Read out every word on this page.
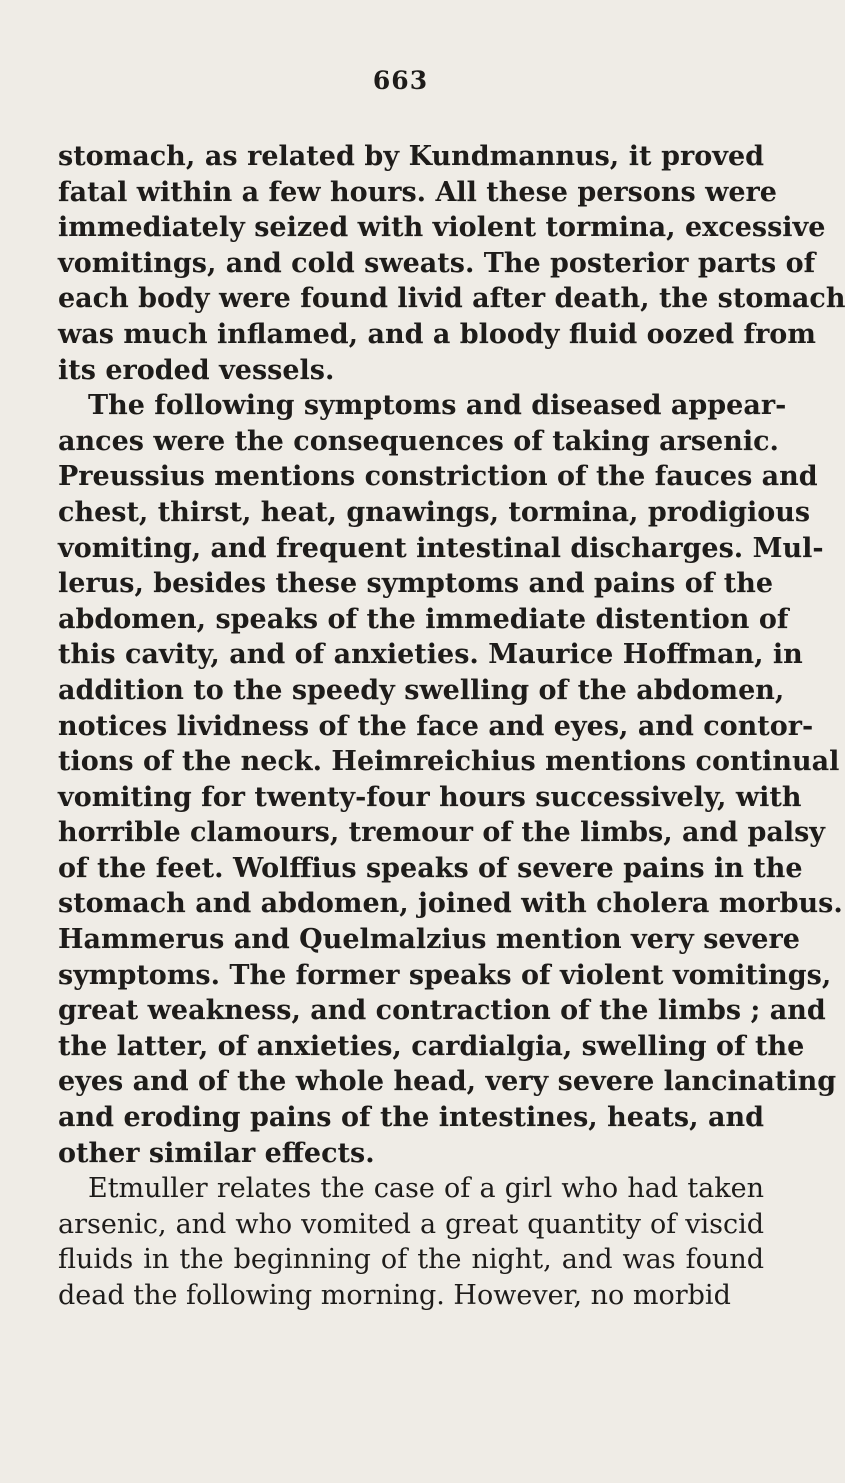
663
stomach, as related by Kundmannus, it proved
fatal within a few hours. All these persons were
immediately seized with violent tormina, excessive
vomitings, and cold sweats. The posterior parts of
each body were found livid after death, the stomach
was much inflamed, and a bloody fluid oozed from
its eroded vessels.
The following symptoms and diseased appear-
ances were the consequences of taking arsenic.
Preussius mentions constriction of the fauces and
chest, thirst, heat, gnawings, tormina, prodigious
vomiting, and frequent intestinal discharges. Mul-
lerus, besides these symptoms and pains of the
abdomen, speaks of the immediate distention of
this cavity, and of anxieties. Maurice Hoffman, in
addition to the speedy swelling of the abdomen,
notices lividness of the face and eyes, and contor-
tions of the neck. Heimreichius mentions continual
vomiting for twenty-four hours successively, with
horrible clamours, tremour of the limbs, and palsy
of the feet. Wolffius speaks of severe pains in the
stomach and abdomen, joined with cholera morbus.
Hammerus and Quelmalzius mention very severe
symptoms. The former speaks of violent vomitings,
great weakness, and contraction of the limbs ; and
the latter, of anxieties, cardialgia, swelling of the
eyes and of the whole head, very severe lancinating
and eroding pains of the intestines, heats, and
other similar effects.
Etmuller relates the case of a girl who had taken
arsenic, and who vomited a great quantity of viscid
fluids in the beginning of the night, and was found
dead the following morning. However, no morbid
